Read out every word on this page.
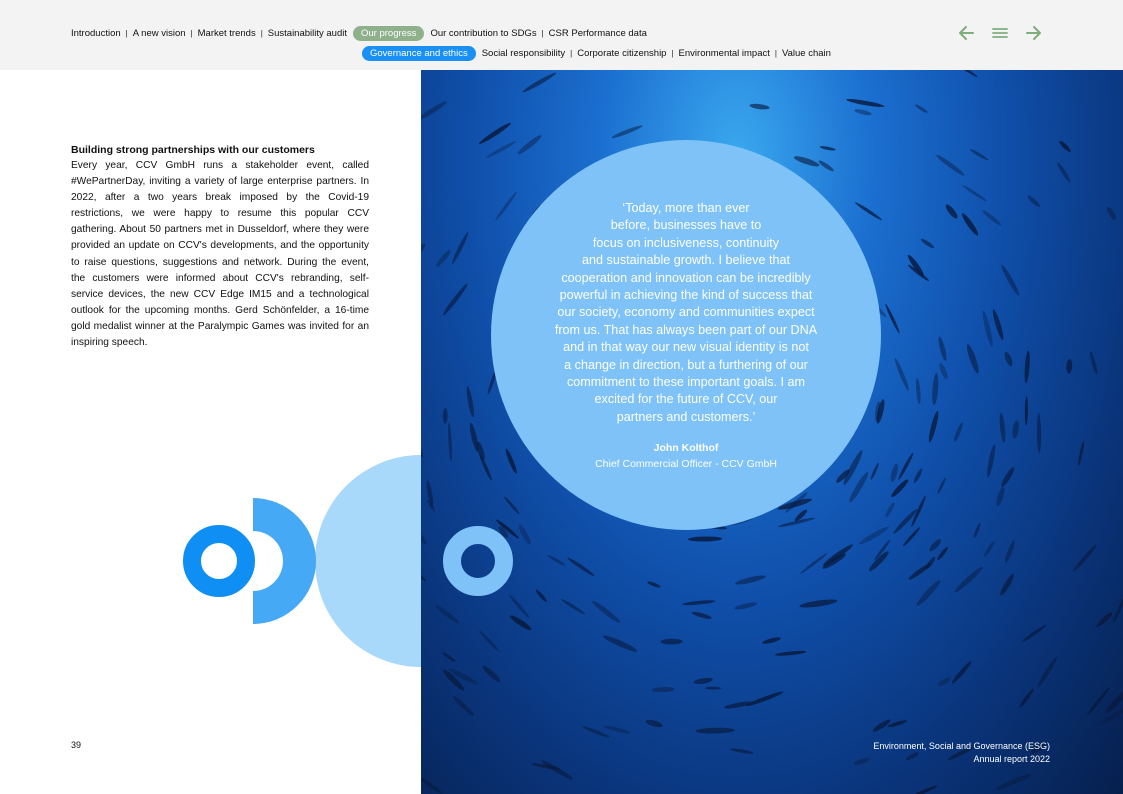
Introduction | A new vision | Market trends | Sustainability audit	Our progress	Our contribution to SDGs | CSR Performance data
Governance and ethics	Social responsibility | Corporate citizenship | Environmental impact | Value chain
Building strong partnerships with our customers

Every year, CCV GmbH runs a stakeholder event, called #WePartnerDay, inviting a variety of large enterprise partners. In 2022, after a two years break imposed by the Covid-19 restrictions, we were happy to resume this popular CCV gathering. About 50 partners met in Dusseldorf, where they were provided an update on CCV's developments, and the opportunity to raise questions, suggestions and network. During the event, the customers were informed about CCV's rebranding, self-service devices, the new CCV Edge IM15 and a technological outlook for the upcoming months. Gerd Schönfelder, a 16-time gold medalist winner at the Paralympic Games was invited for an inspiring speech.

‘Today, more than ever
before, businesses have to
focus on inclusiveness, continuity
and sustainable growth. I believe that
cooperation and innovation can be incredibly
powerful in achieving the kind of success that
our society, economy and communities expect
from us. That has always been part of our DNA
and in that way our new visual identity is not
a change in direction, but a furthering of our
commitment to these important goals. I am
excited for the future of CCV, our
partners and customers.’
John Kolthof
Chief Commercial Officer - CCV GmbH
39	Environment, Social and Governance (ESG)
Annual report 2022
